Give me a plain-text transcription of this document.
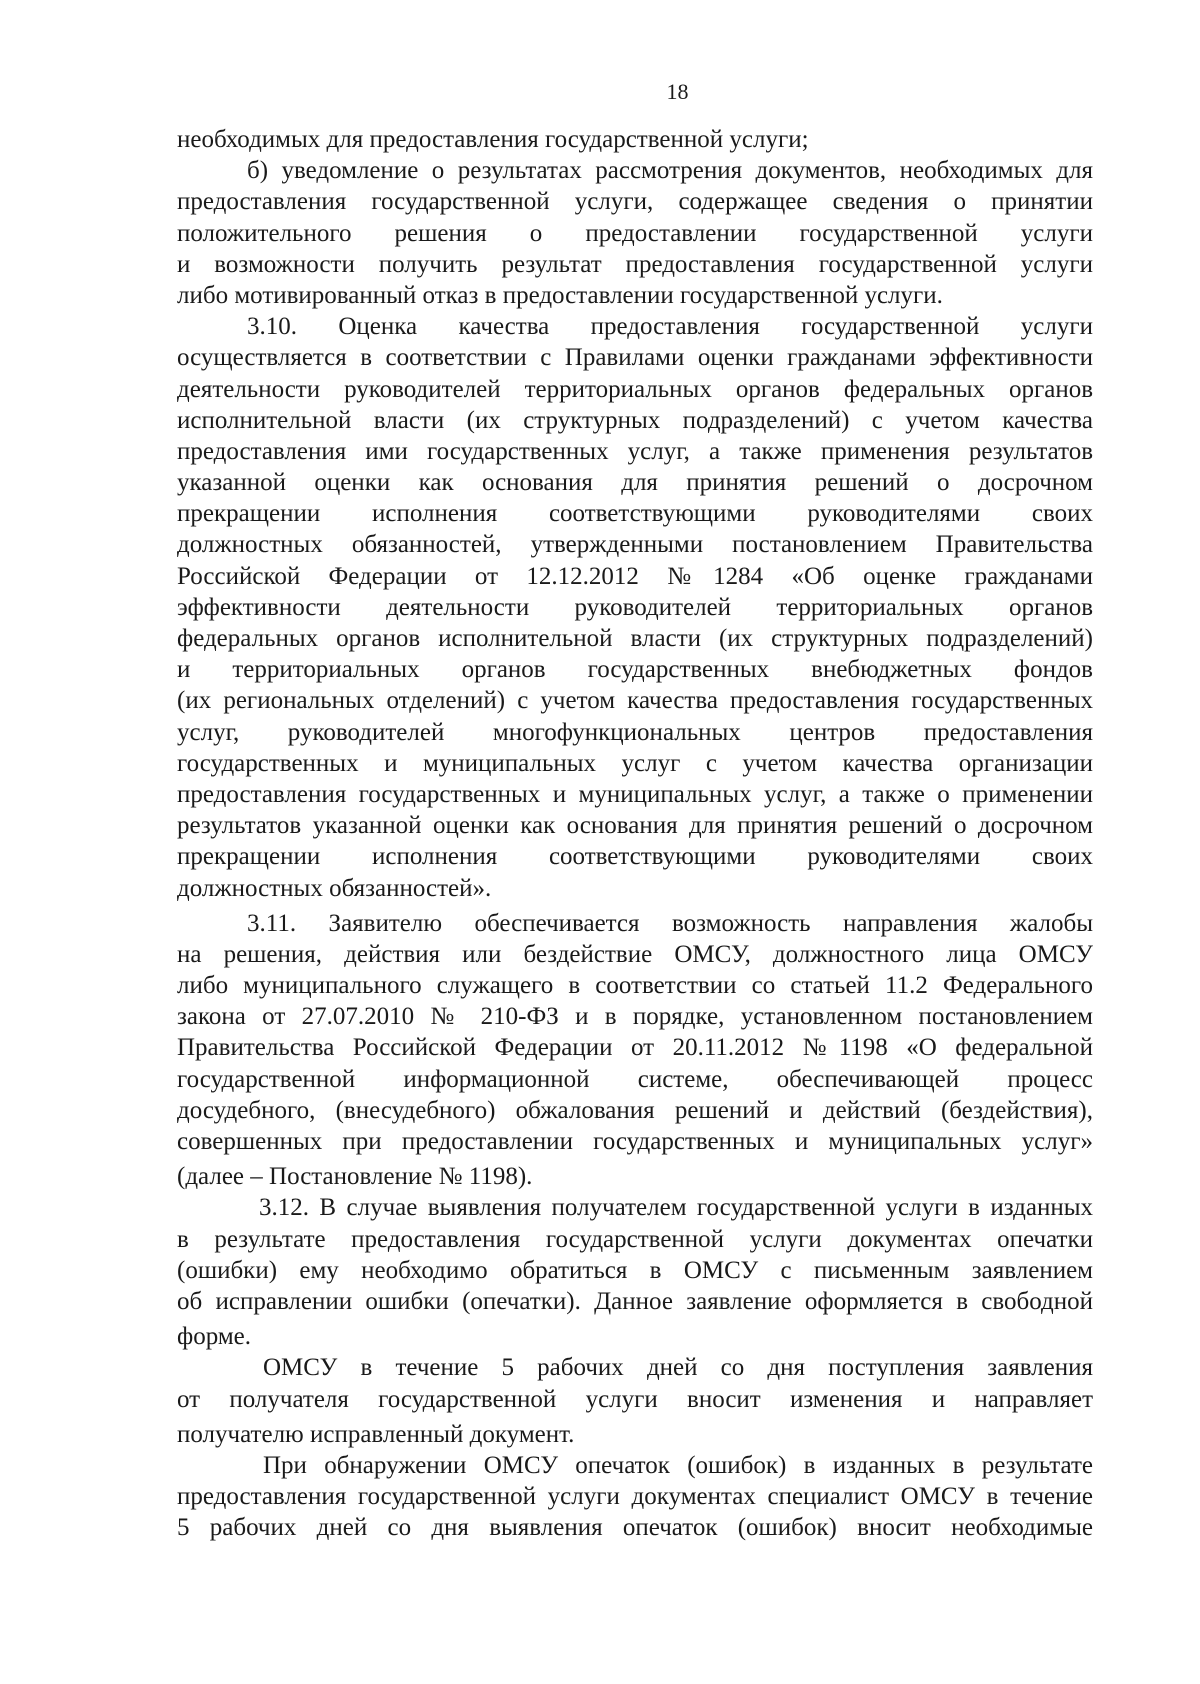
18
необходимых для предоставления государственной услуги;
б) уведомление о результатах рассмотрения документов, необходимых для
предоставления государственной услуги, содержащее сведения о принятии
положительного решения о предоставлении государственной услуги
и возможности получить результат предоставления государственной услуги
либо мотивированный отказ в предоставлении государственной услуги.
3.10. Оценка качества предоставления государственной услуги
осуществляется в соответствии с Правилами оценки гражданами эффективности
деятельности руководителей территориальных органов федеральных органов
исполнительной власти (их структурных подразделений) с учетом качества
предоставления ими государственных услуг, а также применения результатов
указанной оценки как основания для принятия решений о досрочном
прекращении исполнения соответствующими руководителями своих
должностных обязанностей, утвержденными постановлением Правительства
Российской Федерации от 12.12.2012 №1284 «Об оценке гражданами
эффективности деятельности руководителей территориальных органов
федеральных органов исполнительной власти (их структурных подразделений)
и территориальных органов государственных внебюджетных фондов
(их региональных отделений) с учетом качества предоставления государственных
услуг, руководителей многофункциональных центров предоставления
государственных и муниципальных услуг с учетом качества организации
предоставления государственных и муниципальных услуг, а также о применении
результатов указанной оценки как основания для принятия решений о досрочном
прекращении исполнения соответствующими руководителями своих
должностных обязанностей».
3.11. Заявителю обеспечивается возможность направления жалобы
на решения, действия или бездействие ОМСУ, должностного лица ОМСУ
либо муниципального служащего в соответствии со статьей 11.2 Федерального
закона от 27.07.2010 № 210-ФЗ и в порядке, установленном постановлением
Правительства Российской Федерации от 20.11.2012 №1198 «О федеральной
государственной информационной системе, обеспечивающей процесс
досудебного, (внесудебного) обжалования решений и действий (бездействия),
совершенных при предоставлении государственных и муниципальных услуг»
(далее – Постановление № 1198).
3.12. В случае выявления получателем государственной услуги в изданных
в результате предоставления государственной услуги документах опечатки
(ошибки) ему необходимо обратиться в ОМСУ с письменным заявлением
об исправлении ошибки (опечатки). Данное заявление оформляется в свободной
форме.
ОМСУ в течение 5 рабочих дней со дня поступления заявления
от получателя государственной услуги вносит изменения и направляет
получателю исправленный документ.
При обнаружении ОМСУ опечаток (ошибок) в изданных в результате
предоставления государственной услуги документах специалист ОМСУ в течение
5 рабочих дней со дня выявления опечаток (ошибок) вносит необходимые
